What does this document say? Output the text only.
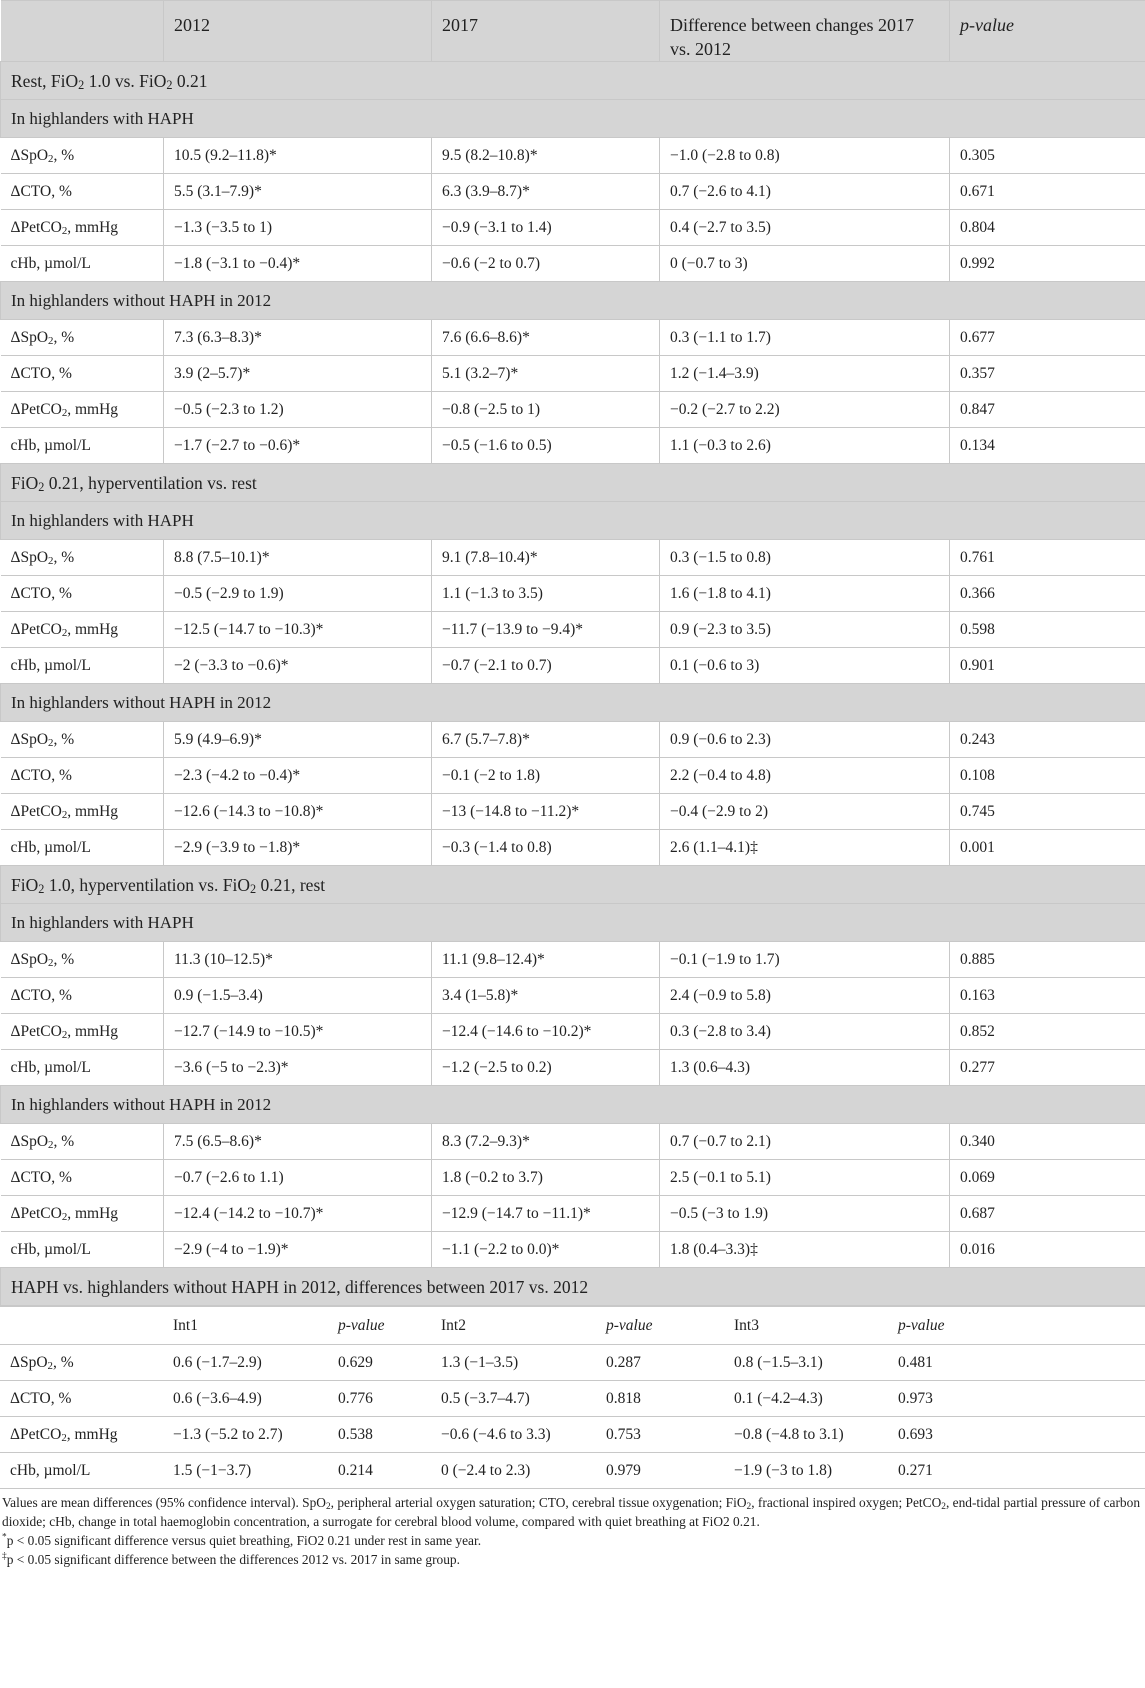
	2012	2017	Difference between changes 2017 vs. 2012	p-value
Rest, FiO$_2$ 1.0 vs. FiO$_2$ 0.21				
In highlanders with HAPH				
ΔSpO$_2$, %	10.5 (9.2–11.8)*	9.5 (8.2–10.8)*	−1.0 (−2.8 to 0.8)	0.305
ΔCTO, %	5.5 (3.1–7.9)*	6.3 (3.9–8.7)*	0.7 (−2.6 to 4.1)	0.671
ΔPetCO$_2$, mmHg	−1.3 (−3.5 to 1)	−0.9 (−3.1 to 1.4)	0.4 (−2.7 to 3.5)	0.804
cHb, µmol/L	−1.8 (−3.1 to −0.4)*	−0.6 (−2 to 0.7)	0 (−0.7 to 3)	0.992
In highlanders without HAPH in 2012				
ΔSpO$_2$, %	7.3 (6.3–8.3)*	7.6 (6.6–8.6)*	0.3 (−1.1 to 1.7)	0.677
ΔCTO, %	3.9 (2–5.7)*	5.1 (3.2–7)*	1.2 (−1.4–3.9)	0.357
ΔPetCO$_2$, mmHg	−0.5 (−2.3 to 1.2)	−0.8 (−2.5 to 1)	−0.2 (−2.7 to 2.2)	0.847
cHb, µmol/L	−1.7 (−2.7 to −0.6)*	−0.5 (−1.6 to 0.5)	1.1 (−0.3 to 2.6)	0.134
FiO$_2$ 0.21, hyperventilation vs. rest				
In highlanders with HAPH				
ΔSpO$_2$, %	8.8 (7.5–10.1)*	9.1 (7.8–10.4)*	0.3 (−1.5 to 0.8)	0.761
ΔCTO, %	−0.5 (−2.9 to 1.9)	1.1 (−1.3 to 3.5)	1.6 (−1.8 to 4.1)	0.366
ΔPetCO$_2$, mmHg	−12.5 (−14.7 to −10.3)*	−11.7 (−13.9 to −9.4)*	0.9 (−2.3 to 3.5)	0.598
cHb, µmol/L	−2 (−3.3 to −0.6)*	−0.7 (−2.1 to 0.7)	0.1 (−0.6 to 3)	0.901
In highlanders without HAPH in 2012				
ΔSpO$_2$, %	5.9 (4.9–6.9)*	6.7 (5.7–7.8)*	0.9 (−0.6 to 2.3)	0.243
ΔCTO, %	−2.3 (−4.2 to −0.4)*	−0.1 (−2 to 1.8)	2.2 (−0.4 to 4.8)	0.108
ΔPetCO$_2$, mmHg	−12.6 (−14.3 to −10.8)*	−13 (−14.8 to −11.2)*	−0.4 (−2.9 to 2)	0.745
cHb, µmol/L	−2.9 (−3.9 to −1.8)*	−0.3 (−1.4 to 0.8)	2.6 (1.1–4.1)‡	0.001
FiO$_2$ 1.0, hyperventilation vs. FiO$_2$ 0.21, rest				
In highlanders with HAPH				
ΔSpO$_2$, %	11.3 (10–12.5)*	11.1 (9.8–12.4)*	−0.1 (−1.9 to 1.7)	0.885
ΔCTO, %	0.9 (−1.5–3.4)	3.4 (1–5.8)*	2.4 (−0.9 to 5.8)	0.163
ΔPetCO$_2$, mmHg	−12.7 (−14.9 to −10.5)*	−12.4 (−14.6 to −10.2)*	0.3 (−2.8 to 3.4)	0.852
cHb, µmol/L	−3.6 (−5 to −2.3)*	−1.2 (−2.5 to 0.2)	1.3 (0.6–4.3)	0.277
In highlanders without HAPH in 2012				
ΔSpO$_2$, %	7.5 (6.5–8.6)*	8.3 (7.2–9.3)*	0.7 (−0.7 to 2.1)	0.340
ΔCTO, %	−0.7 (−2.6 to 1.1)	1.8 (−0.2 to 3.7)	2.5 (−0.1 to 5.1)	0.069
ΔPetCO$_2$, mmHg	−12.4 (−14.2 to −10.7)*	−12.9 (−14.7 to −11.1)*	−0.5 (−3 to 1.9)	0.687
cHb, µmol/L	−2.9 (−4 to −1.9)*	−1.1 (−2.2 to 0.0)*	1.8 (0.4–3.3)‡	0.016
HAPH vs. highlanders without HAPH in 2012, differences between 2017 vs. 2012				
	Int1	p-value	Int2	p-value	Int3	p-value
ΔSpO$_2$, %	0.6 (−1.7–2.9)	0.629	1.3 (−1–3.5)	0.287	0.8 (−1.5–3.1)	0.481
ΔCTO, %	0.6 (−3.6–4.9)	0.776	0.5 (−3.7–4.7)	0.818	0.1 (−4.2–4.3)	0.973
ΔPetCO$_2$, mmHg	−1.3 (−5.2 to 2.7)	0.538	−0.6 (−4.6 to 3.3)	0.753	−0.8 (−4.8 to 3.1)	0.693
cHb, µmol/L	1.5 (−1−3.7)	0.214	0 (−2.4 to 2.3)	0.979	−1.9 (−3 to 1.8)	0.271

Values are mean differences (95% confidence interval). SpO$_2$, peripheral arterial oxygen saturation; CTO, cerebral tissue oxygenation; FiO$_2$, fractional inspired oxygen; PetCO$_2$, end-tidal partial pressure of carbon dioxide; cHb, change in total haemoglobin concentration, a surrogate for cerebral blood volume, compared with quiet breathing at FiO2 0.21.

*p < 0.05 significant difference versus quiet breathing, FiO2 0.21 under rest in same year.

‡p < 0.05 significant difference between the differences 2012 vs. 2017 in same group.
